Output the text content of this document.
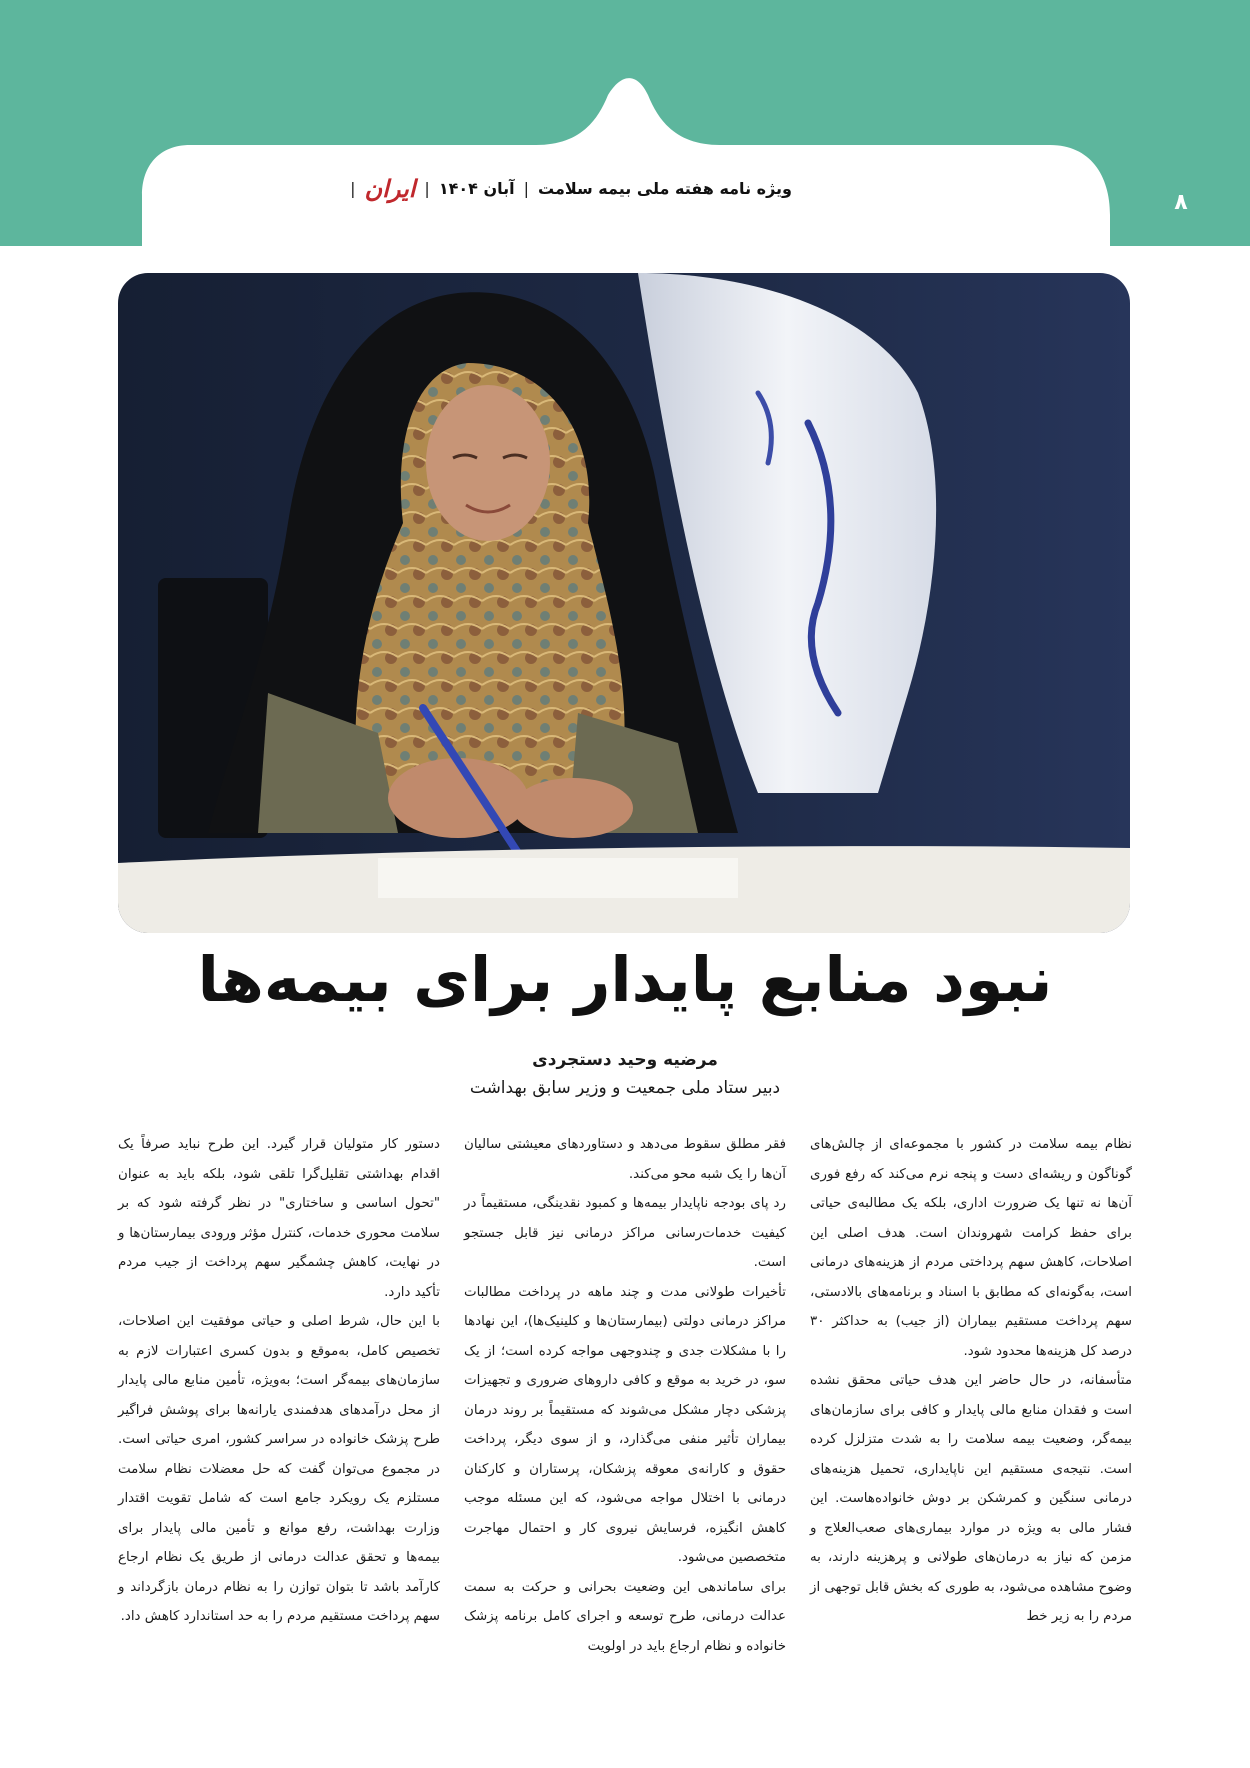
ویژه نامه هفته ملی بیمه سلامت
|
آبان ۱۴۰۴
|
ایران
|
۸
نبود منابع پایدار برای بیمه‌ها
مرضیه وحید دستجردی
دبیر ستاد ملی جمعیت و وزیر سابق بهداشت

نظام بیمه سلامت در کشور با مجموعه‌ای از چالش‌های گوناگون و ریشه‌ای دست و پنجه نرم می‌کند که رفع فوری آن‌ها نه تنها یک ضرورت اداری، بلکه یک مطالبه‌ی حیاتی برای حفظ کرامت شهروندان است. هدف اصلی این اصلاحات، کاهش سهم پرداختی مردم از هزینه‌های درمانی است، به‌گونه‌ای که مطابق با اسناد و برنامه‌های بالادستی، سهم پرداخت مستقیم بیماران (از جیب) به حداکثر ۳۰ درصد کل هزینه‌ها محدود شود.

متأسفانه، در حال حاضر این هدف حیاتی محقق نشده است و فقدان منابع مالی پایدار و کافی برای سازمان‌های بیمه‌گر، وضعیت بیمه سلامت را به شدت متزلزل کرده است. نتیجه‌ی مستقیم این ناپایداری، تحمیل هزینه‌های درمانی سنگین و کمرشکن بر دوش خانواده‌هاست. این فشار مالی به ویژه در موارد بیماری‌های صعب‌العلاج و مزمن که نیاز به درمان‌های طولانی و پرهزینه دارند، به وضوح مشاهده می‌شود، به طوری که بخش قابل توجهی از مردم را به زیر خط

فقر مطلق سقوط می‌دهد و دستاوردهای معیشتی سالیان آن‌ها را یک شبه محو می‌کند.

رد پای بودجه ناپایدار بیمه‌ها و کمبود نقدینگی، مستقیماً در کیفیت خدمات‌رسانی مراکز درمانی نیز قابل جستجو است.

تأخیرات طولانی مدت و چند ماهه در پرداخت مطالبات مراکز درمانی دولتی (بیمارستان‌ها و کلینیک‌ها)، این نهادها را با مشکلات جدی و چندوجهی مواجه کرده است؛ از یک سو، در خرید به موقع و کافی داروهای ضروری و تجهیزات پزشکی دچار مشکل می‌شوند که مستقیماً بر روند درمان بیماران تأثیر منفی می‌گذارد، و از سوی دیگر، پرداخت حقوق و کارانه‌ی معوقه پزشکان، پرستاران و کارکنان درمانی با اختلال مواجه می‌شود، که این مسئله موجب کاهش انگیزه، فرسایش نیروی کار و احتمال مهاجرت متخصصین می‌شود.

برای ساماندهی این وضعیت بحرانی و حرکت به سمت عدالت درمانی، طرح توسعه و اجرای کامل برنامه پزشک خانواده و نظام ارجاع باید در اولویت

دستور کار متولیان قرار گیرد. این طرح نباید صرفاً یک اقدام بهداشتی تقلیل‌گرا تلقی شود، بلکه باید به عنوان "تحول اساسی و ساختاری" در نظر گرفته شود که بر سلامت محوری خدمات، کنترل مؤثر ورودی بیمارستان‌ها و در نهایت، کاهش چشمگیر سهم پرداخت از جیب مردم تأکید دارد.

با این حال، شرط اصلی و حیاتی موفقیت این اصلاحات، تخصیص کامل، به‌موقع و بدون کسری اعتبارات لازم به سازمان‌های بیمه‌گر است؛ به‌ویژه، تأمین منابع مالی پایدار از محل درآمدهای هدفمندی یارانه‌ها برای پوشش فراگیر طرح پزشک خانواده در سراسر کشور، امری حیاتی است. در مجموع می‌توان گفت که حل معضلات نظام سلامت مستلزم یک رویکرد جامع است که شامل تقویت اقتدار وزارت بهداشت، رفع موانع و تأمین مالی پایدار برای بیمه‌ها و تحقق عدالت درمانی از طریق یک نظام ارجاع کارآمد باشد تا بتوان توازن را به نظام درمان بازگرداند و سهم پرداخت مستقیم مردم را به حد استاندارد کاهش داد.
